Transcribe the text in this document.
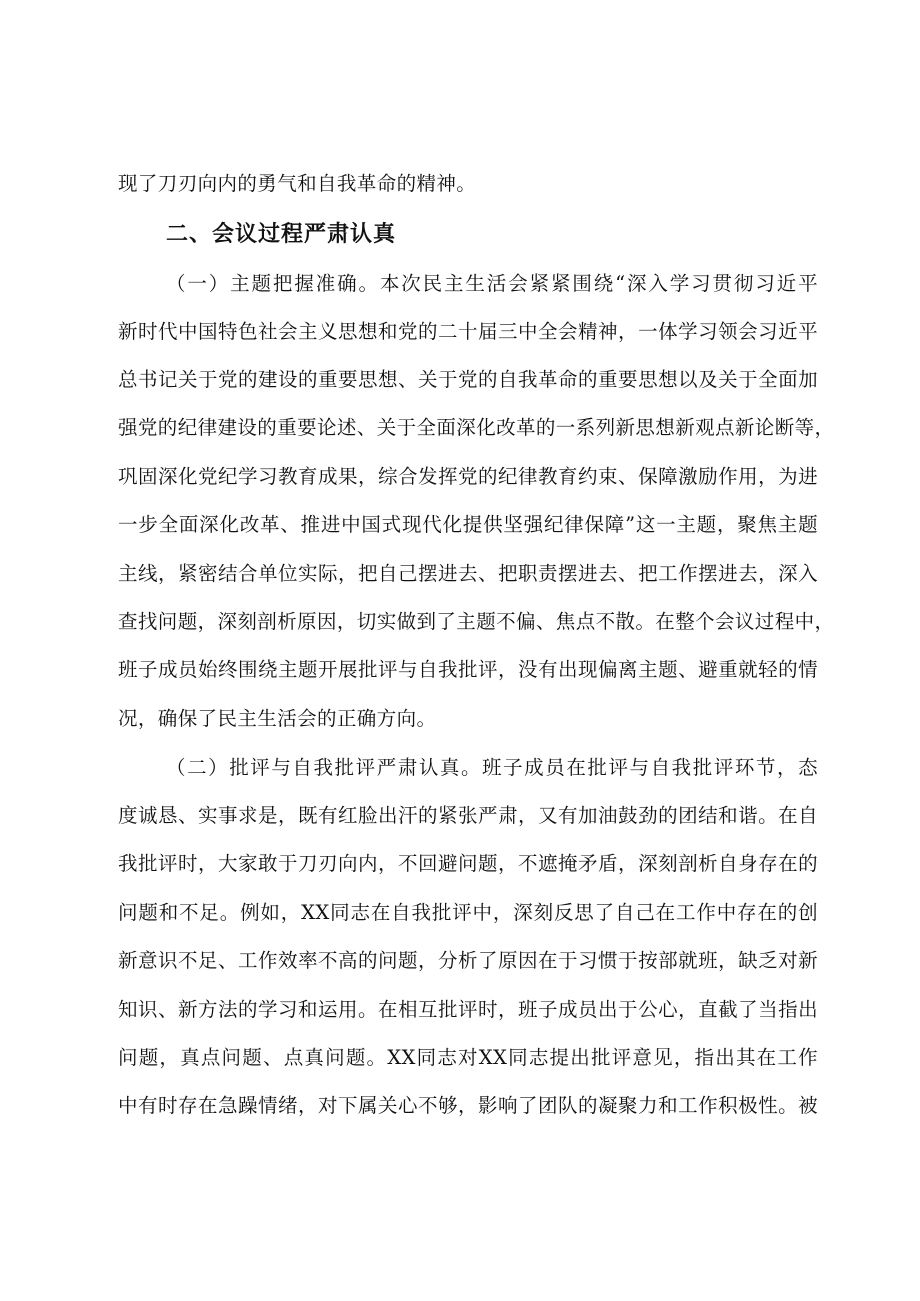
现了刀刃向内的勇气和自我革命的精神。
二、会议过程严肃认真
（一）主题把握准确。本次民主生活会紧紧围绕“深入学习贯彻习近平
新时代中国特色社会主义思想和党的二十届三中全会精神，一体学习领会习近平
总书记关于党的建设的重要思想、关于党的自我革命的重要思想以及关于全面加
强党的纪律建设的重要论述、关于全面深化改革的一系列新思想新观点新论断等，
巩固深化党纪学习教育成果，综合发挥党的纪律教育约束、保障激励作用，为进
一步全面深化改革、推进中国式现代化提供坚强纪律保障”这一主题，聚焦主题
主线，紧密结合单位实际，把自己摆进去、把职责摆进去、把工作摆进去，深入
查找问题，深刻剖析原因，切实做到了主题不偏、焦点不散。在整个会议过程中，
班子成员始终围绕主题开展批评与自我批评，没有出现偏离主题、避重就轻的情
况，确保了民主生活会的正确方向。
（二）批评与自我批评严肃认真。班子成员在批评与自我批评环节，态
度诚恳、实事求是，既有红脸出汗的紧张严肃，又有加油鼓劲的团结和谐。在自
我批评时，大家敢于刀刃向内，不回避问题，不遮掩矛盾，深刻剖析自身存在的
问题和不足。例如，XX同志在自我批评中，深刻反思了自己在工作中存在的创
新意识不足、工作效率不高的问题，分析了原因在于习惯于按部就班，缺乏对新
知识、新方法的学习和运用。在相互批评时，班子成员出于公心，直截了当指出
问题，真点问题、点真问题。XX同志对XX同志提出批评意见，指出其在工作
中有时存在急躁情绪，对下属关心不够，影响了团队的凝聚力和工作积极性。被
